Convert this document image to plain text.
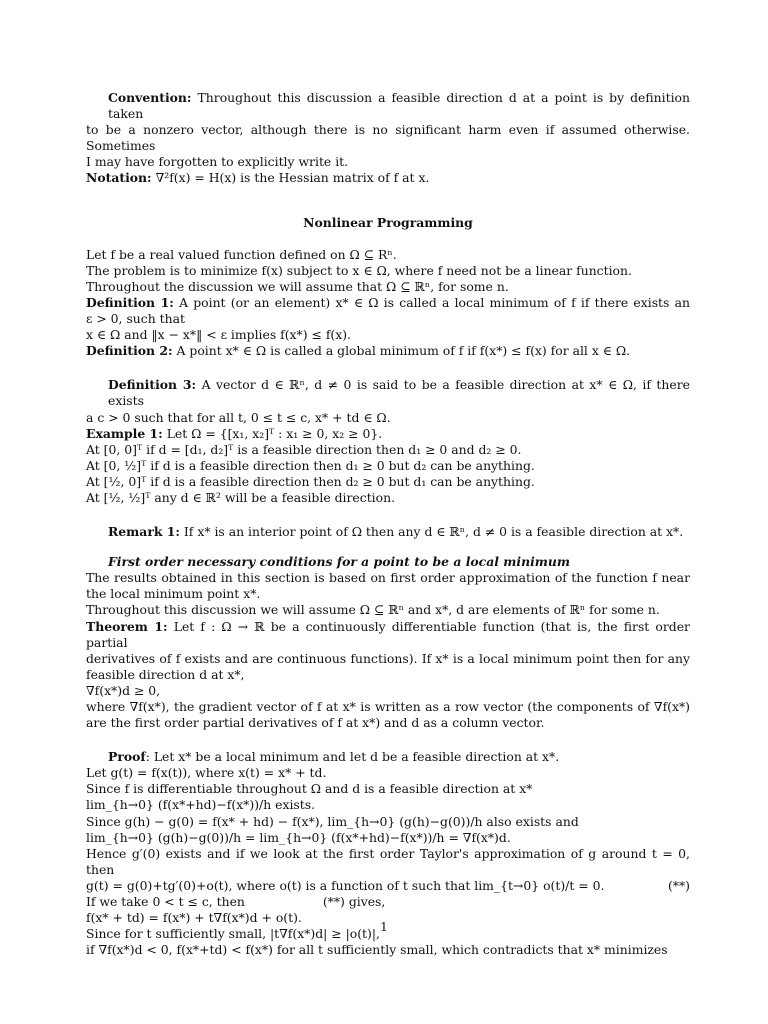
Convention: Throughout this discussion a feasible direction d at a point is by definition taken
to be a nonzero vector, although there is no significant harm even if assumed otherwise. Sometimes
I may have forgotten to explicitly write it.
Notation: ∇²f(x) = H(x) is the Hessian matrix of f at x.
Nonlinear Programming
Let f be a real valued function defined on Ω ⊆ Rⁿ.
The problem is to minimize f(x) subject to x ∈ Ω, where f need not be a linear function.
Throughout the discussion we will assume that Ω ⊆ ℝⁿ, for some n.
Definition 1: A point (or an element) x* ∈ Ω is called a local minimum of f if there exists an
ε > 0, such that
x ∈ Ω and ‖x − x*‖ < ε implies f(x*) ≤ f(x).
Definition 2: A point x* ∈ Ω is called a global minimum of f if f(x*) ≤ f(x) for all x ∈ Ω.
Definition 3: A vector d ∈ ℝⁿ, d ≠ 0 is said to be a feasible direction at x* ∈ Ω, if there exists
a c > 0 such that for all t, 0 ≤ t ≤ c, x* + td ∈ Ω.
Example 1: Let Ω = {[x₁, x₂]ᵀ : x₁ ≥ 0, x₂ ≥ 0}.
At [0, 0]ᵀ if d = [d₁, d₂]ᵀ is a feasible direction then d₁ ≥ 0 and d₂ ≥ 0.
At [0, ½]ᵀ if d is a feasible direction then d₁ ≥ 0 but d₂ can be anything.
At [½, 0]ᵀ if d is a feasible direction then d₂ ≥ 0 but d₁ can be anything.
At [½, ½]ᵀ any d ∈ ℝ² will be a feasible direction.
Remark 1: If x* is an interior point of Ω then any d ∈ ℝⁿ, d ≠ 0 is a feasible direction at x*.
First order necessary conditions for a point to be a local minimum
The results obtained in this section is based on first order approximation of the function f near
the local minimum point x*.
Throughout this discussion we will assume Ω ⊆ ℝⁿ and x*, d are elements of ℝⁿ for some n.
Theorem 1: Let f : Ω → ℝ be a continuously differentiable function (that is, the first order partial
derivatives of f exists and are continuous functions). If x* is a local minimum point then for any
feasible direction d at x*,
∇f(x*)d ≥ 0,
where ∇f(x*), the gradient vector of f at x* is written as a row vector (the components of ∇f(x*)
are the first order partial derivatives of f at x*) and d as a column vector.
Proof: Let x* be a local minimum and let d be a feasible direction at x*.
Let g(t) = f(x(t)), where x(t) = x* + td.
Since f is differentiable throughout Ω and d is a feasible direction at x*
lim_{h→0} (f(x*+hd)−f(x*))/h exists.
Since g(h) − g(0) = f(x* + hd) − f(x*), lim_{h→0} (g(h)−g(0))/h also exists and
lim_{h→0} (g(h)−g(0))/h = lim_{h→0} (f(x*+hd)−f(x*))/h = ∇f(x*)d.
Hence g′(0) exists and if we look at the first order Taylor's approximation of g around t = 0, then
g(t) = g(0)+tg′(0)+o(t), where o(t) is a function of t such that lim_{t→0} o(t)/t = 0.	(**)
If we take 0 < t ≤ c, then	(**) gives,
f(x* + td) = f(x*) + t∇f(x*)d + o(t).
Since for t sufficiently small, |t∇f(x*)d| ≥ |o(t)|,
if ∇f(x*)d < 0, f(x*+td) < f(x*) for all t sufficiently small, which contradicts that x* minimizes
1
